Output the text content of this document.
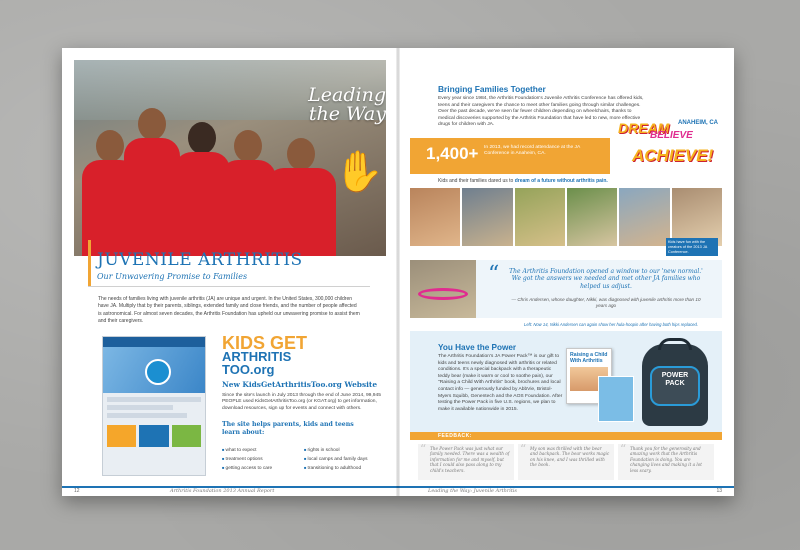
Leading the Way
✋
JUVENILE ARTHRITIS
Our Unwavering Promise to Families

The needs of families living with juvenile arthritis (JA) are unique and urgent. In the United States, 300,000 children have JA. Multiply that by their parents, siblings, extended family and close friends, and the number of people affected is astronomical. For almost seven decades, the Arthritis Foundation has upheld our unwavering promise to assist them and their caregivers.

KIDS GET
ARTHRITIS TOO.org
New KidsGetArthritisToo.org Website

Since the site's launch in July 2013 through the end of June 2014, 99,945 PEOPLE used KidsGetArthritisToo.org (or KGAT.org) to get information, download resources, sign up for events and connect with others.

The site helps parents, kids and teens learn about:
■ what to expect	■ rights in school
■ treatment options	■ local camps and family days
■ getting access to care	■ transitioning to adulthood
12	Arthritis Foundation 2013 Annual Report
Bringing Families Together

Every year since 1984, the Arthritis Foundation's Juvenile Arthritis Conference has offered kids, teens and their caregivers the chance to meet other families going through similar challenges. Over the past decade, we've seen far fewer children depending on wheelchairs, thanks to medical discoveries supported by the Arthritis Foundation that have led to new, more effective drugs for children with JA.

1,400+ In 2013, we had record attendance at the JA Conference in Anaheim, CA.
DREAM
BELIEVE
ACHIEVE!
ANAHEIM, CA
Kids and their families dared us to dream of a future without arthritis pain.
Kids have fun with the creators of the 2013 JA Conference.
“	The Arthritis Foundation opened a window to our 'new normal.' We got the answers we needed and met other JA families who helped us adjust.
— Chris Andersen, whose daughter, Nikki, was diagnosed with juvenile arthritis more than 10 years ago
Left: Now 14, Nikki Andersen can again show her hula-hoopin after having both hips replaced.
You Have the Power

The Arthritis Foundation's JA Power Pack™ is our gift to kids and teens newly diagnosed with arthritis or related conditions. It's a special backpack with a therapeutic teddy bear (make it warm or cool to soothe pain), our "Raising a Child With Arthritis" book, brochures and local contact info — generously funded by AbbVie, Bristol-Myers Squibb, Genentech and the AOS Foundation. After testing the Power Pack in five U.S. regions, we plan to make it available nationwide in 2015.

Raising a Child With Arthritis
POWER PACK
FEEDBACK:
“ The Power Pack was just what our family needed. There was a wealth of information for me and myself, but that I could also pass along to my child's teachers.
“ My son was thrilled with the bear and backpack. The bear works magic on his knee, and I was thrilled with the book.
“ Thank you for the generosity and amazing work that the Arthritis Foundation is doing. You are changing lives and making it a lot less scary.
Leading the Way: Juvenile Arthritis	13
